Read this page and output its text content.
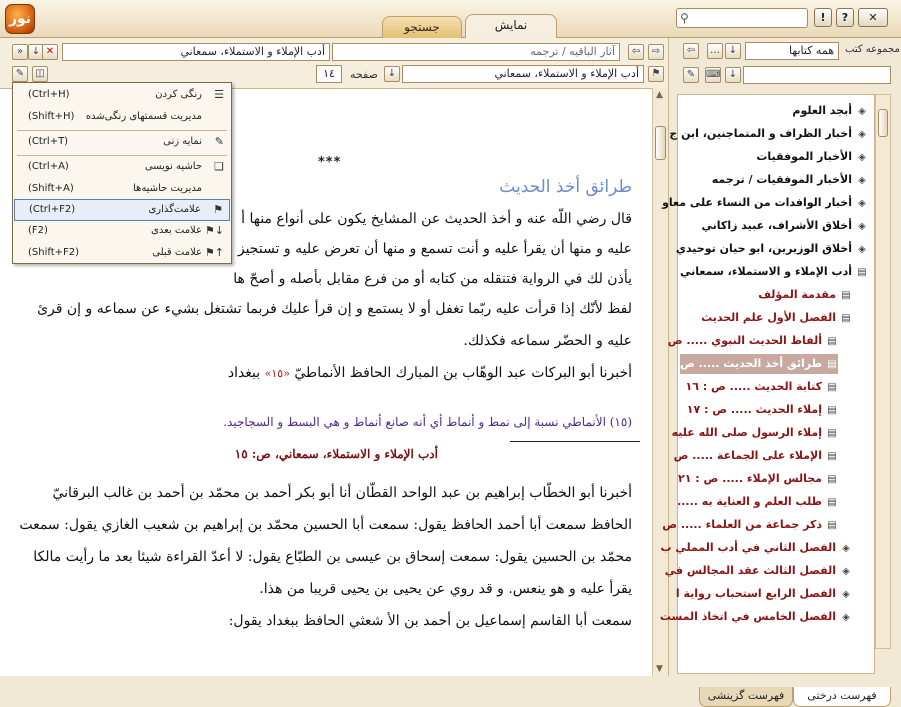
نور	جستجو	نمایش	⚲	!	?	✕
» ↓ ✕	أدب الإملاء و الاستملاء، سمعاني	آثار الباقيه / ترجمه	⇦	⇨
✎	◫	١٤	صفحه ↓	أدب الإملاء و الاستملاء، سمعاني	⚑
***
طرائق أخذ الحديث
قال رضي اللّه عنه و أخذ الحديث عن المشايخ يكون على أنواع منها أ
عليه و منها أن يقرأ عليه و أنت تسمع و منها أن تعرض عليه و تستجيز
يأذن لك في الرواية فتنقله من كتابه أو من فرع مقابل بأصله و أصحّ ها
لفظ لأنّك إذا قرأت عليه ربّما تغفل أو لا يستمع و إن قرأ عليك فربما تشتغل بشيء عن سماعه و إن قرئ
عليه و الحضّر سماعه فكذلك.
أخبرنا أبو البركات عبد الوهّاب بن المبارك الحافظ الأنماطيّ «١٥» ببغداد
(١٥) الأنماطي نسبة إلى نمط و أنماط أي أنه صانع أنماط و هي البسط و السجاجيد.
أدب الإملاء و الاستملاء، سمعاني، ص: ١٥
أخبرنا أبو الخطّاب إبراهيم بن عبد الواحد القطّان أنا أبو بكر أحمد بن محمّد بن أحمد بن غالب البرقانيّ
الحافظ سمعت أبا أحمد الحافظ يقول: سمعت أبا الحسين محمّد بن إبراهيم بن شعيب الغازي يقول: سمعت
محمّد بن الحسين يقول: سمعت إسحاق بن عيسى بن الطبّاع يقول: لا أعدّ القراءة شيئا بعد ما رأيت مالكا
يقرأ عليه و هو ينعس. و قد روي عن يحيى بن يحيى قريبا من هذا.
سمعت أبا القاسم إسماعيل بن أحمد بن الأ شعثي الحافظ ببغداد يقول:
▲
▼
(Ctrl+H)	رنگی کردن ☰
(Shift+H) مدیریت قسمتهای رنگی‌شده
(Ctrl+T)	نمایه زنی ✎
(Ctrl+A)	حاشیه نویسی ❏
(Shift+A)	مدیریت حاشیه‌ها
(Ctrl+F2)	علامت‌گذاری ⚑
(F2)	علامت بعدی ⚑↓
(Shift+F2)	علامت قبلی ⚑↑
⇦	… ↓	همه کتابها	مجموعه کتب
✎	⌨ ↓
◈أبجد العلوم
◈أخبار الظراف و المتماجنين، ابن ج
◈الأخبار الموفقيات
◈الأخبار الموفقيات / ترجمه
◈أخبار الوافدات من النساء على معاو
◈أخلاق الأشراف، عبيد زاكاني
◈أخلاق الوزيرين، ابو حيان توحيدي
▤أدب الإملاء و الاستملاء، سمعاني
▤مقدمة المؤلف
▤الفصل الأول علم الحديث
▤ألفاظ الحديث النبوي ..... ص
▤طرائق أخذ الحديث ..... ص
▤كتابة الحديث ..... ص : ١٦
▤إملاء الحديث ..... ص : ١٧
▤إملاء الرسول صلى الله عليه
▤الإملاء على الجماعة ..... ص
▤مجالس الإملاء ..... ص : ٢١
▤طلب العلم و العناية به .....
▤ذكر جماعة من العلماء ..... ص
◈الفصل الثاني في أدب المملي ب
◈الفصل الثالث عقد المجالس في
◈الفصل الرابع استحباب رواية ا
◈الفصل الخامس في اتخاذ المست
فهرست درختی
فهرست گزینشی
